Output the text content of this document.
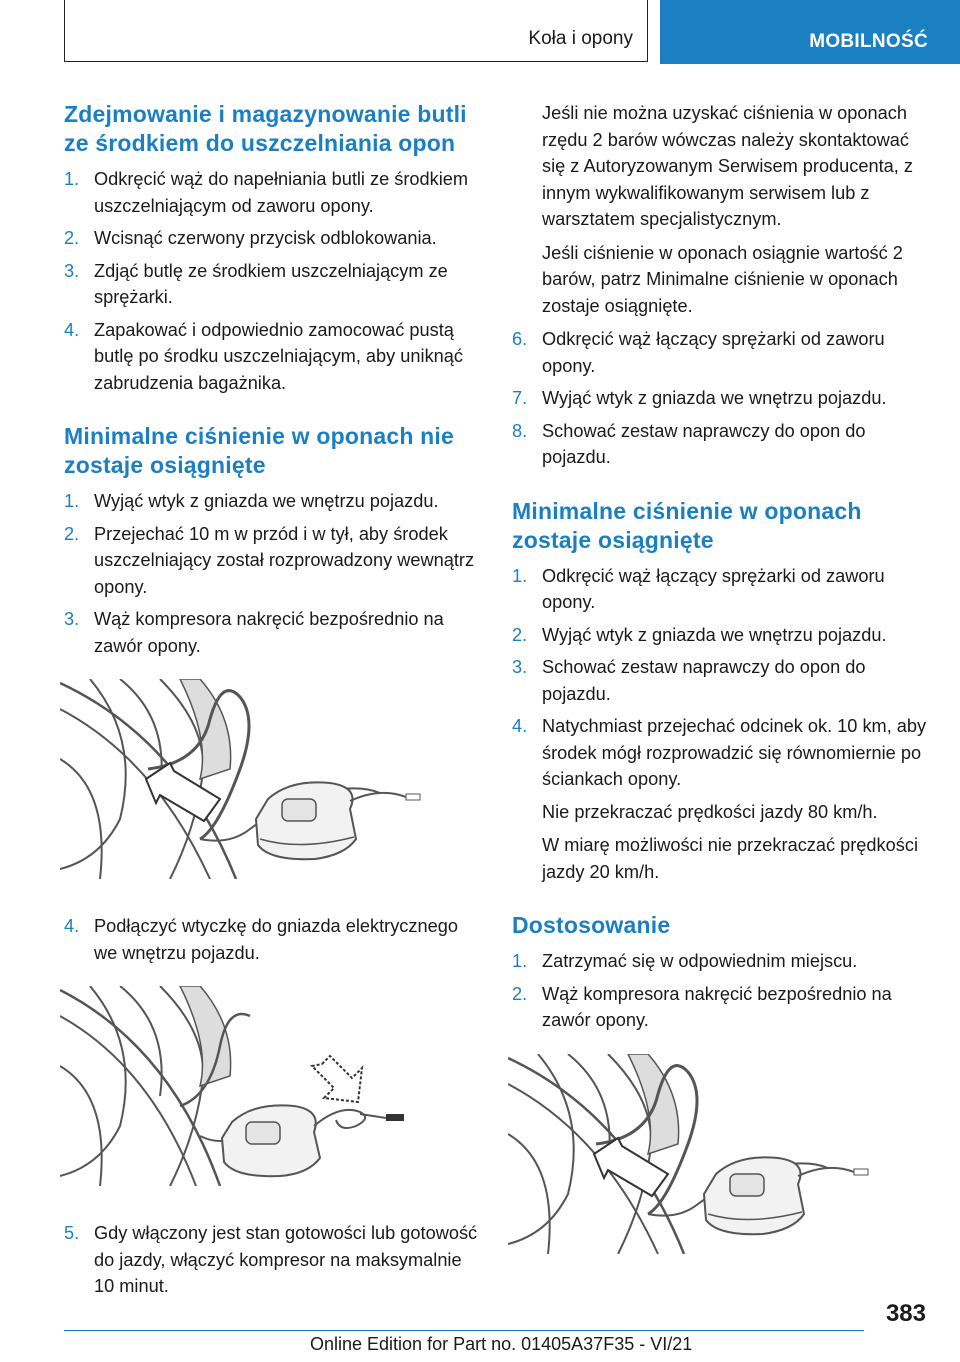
Koła i opony	MOBILNOŚĆ
Zdejmowanie i magazynowanie butli ze środkiem do uszczelniania opon
1. Odkręcić wąż do napełniania butli ze środkiem uszczelniającym od zaworu opony.
2. Wcisnąć czerwony przycisk odblokowania.
3. Zdjąć butlę ze środkiem uszczelniającym ze sprężarki.
4. Zapakować i odpowiednio zamocować pustą butlę po środku uszczelniającym, aby uniknąć zabrudzenia bagażnika.
Minimalne ciśnienie w oponach nie zostaje osiągnięte
1. Wyjąć wtyk z gniazda we wnętrzu pojazdu.
2. Przejechać 10 m w przód i w tył, aby środek uszczelniający został rozprowadzony wewnątrz opony.
3. Wąż kompresora nakręcić bezpośrednio na zawór opony.
4. Podłączyć wtyczkę do gniazda elektrycznego we wnętrzu pojazdu.
5. Gdy włączony jest stan gotowości lub gotowość do jazdy, włączyć kompresor na maksymalnie 10 minut.
Jeśli nie można uzyskać ciśnienia w oponach rzędu 2 barów wówczas należy skontaktować się z Autoryzowanym Serwisem producenta, z innym wykwalifikowanym serwisem lub z warsztatem specjalistycznym.
Jeśli ciśnienie w oponach osiągnie wartość 2 barów, patrz Minimalne ciśnienie w oponach zostaje osiągnięte.
6. Odkręcić wąż łączący sprężarki od zaworu opony.
7. Wyjąć wtyk z gniazda we wnętrzu pojazdu.
8. Schować zestaw naprawczy do opon do pojazdu.
Minimalne ciśnienie w oponach zostaje osiągnięte
1. Odkręcić wąż łączący sprężarki od zaworu opony.
2. Wyjąć wtyk z gniazda we wnętrzu pojazdu.
3. Schować zestaw naprawczy do opon do pojazdu.
4. Natychmiast przejechać odcinek ok. 10 km, aby środek mógł rozprowadzić się równomiernie po ściankach opony.
Nie przekraczać prędkości jazdy 80 km/h.
W miarę możliwości nie przekraczać prędkości jazdy 20 km/h.
Dostosowanie
1. Zatrzymać się w odpowiednim miejscu.
2. Wąż kompresora nakręcić bezpośrednio na zawór opony.
383
Online Edition for Part no. 01405A37F35 - VI/21
